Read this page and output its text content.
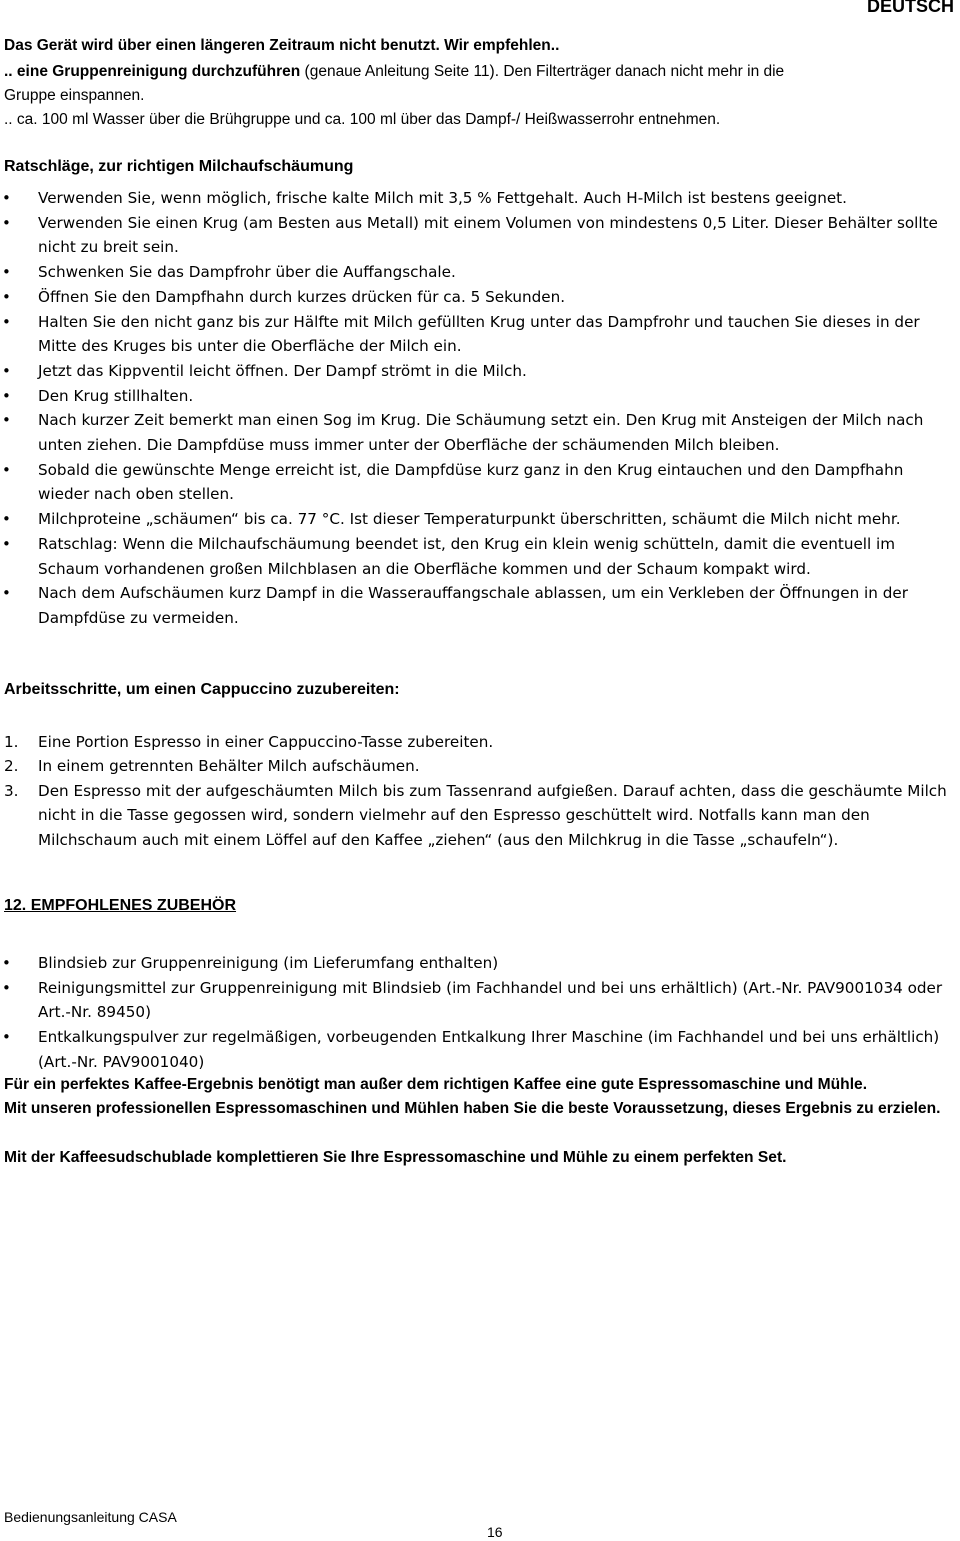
DEUTSCH
Das Gerät wird über einen längeren Zeitraum nicht benutzt. Wir empfehlen..
.. eine Gruppenreinigung durchzuführen (genaue Anleitung Seite 11). Den Filterträger danach nicht mehr in die
Gruppe einspannen.
.. ca. 100 ml Wasser über die Brühgruppe und ca. 100 ml über das Dampf-/ Heißwasserrohr entnehmen.
Ratschläge, zur richtigen Milchaufschäumung
• Verwenden Sie, wenn möglich, frische kalte Milch mit 3,5 % Fettgehalt. Auch H-Milch ist bestens geeignet.
• Verwenden Sie einen Krug (am Besten aus Metall) mit einem Volumen von mindestens 0,5 Liter. Dieser Behälter sollte nicht zu breit sein.
• Schwenken Sie das Dampfrohr über die Auffangschale.
• Öffnen Sie den Dampfhahn durch kurzes drücken für ca. 5 Sekunden.
• Halten Sie den nicht ganz bis zur Hälfte mit Milch gefüllten Krug unter das Dampfrohr und tauchen Sie dieses in der Mitte des Kruges bis unter die Oberfläche der Milch ein.
• Jetzt das Kippventil leicht öffnen. Der Dampf strömt in die Milch.
• Den Krug stillhalten.
• Nach kurzer Zeit bemerkt man einen Sog im Krug. Die Schäumung setzt ein. Den Krug mit Ansteigen der Milch nach unten ziehen. Die Dampfdüse muss immer unter der Oberfläche der schäumenden Milch bleiben.
• Sobald die gewünschte Menge erreicht ist, die Dampfdüse kurz ganz in den Krug eintauchen und den Dampfhahn wieder nach oben stellen.
• Milchproteine „schäumen“ bis ca. 77 °C. Ist dieser Temperaturpunkt überschritten, schäumt die Milch nicht mehr.
• Ratschlag: Wenn die Milchaufschäumung beendet ist, den Krug ein klein wenig schütteln, damit die eventuell im Schaum vorhandenen großen Milchblasen an die Oberfläche kommen und der Schaum kompakt wird.
• Nach dem Aufschäumen kurz Dampf in die Wasserauffangschale ablassen, um ein Verkleben der Öffnungen in der Dampfdüse zu vermeiden.
Arbeitsschritte, um einen Cappuccino zuzubereiten:
1. Eine Portion Espresso in einer Cappuccino-Tasse zubereiten.
2. In einem getrennten Behälter Milch aufschäumen.
3. Den Espresso mit der aufgeschäumten Milch bis zum Tassenrand aufgießen. Darauf achten, dass die geschäumte Milch nicht in die Tasse gegossen wird, sondern vielmehr auf den Espresso geschüttelt wird. Notfalls kann man den Milchschaum auch mit einem Löffel auf den Kaffee „ziehen“ (aus den Milchkrug in die Tasse „schaufeln“).
12. EMPFOHLENES ZUBEHÖR
• Blindsieb zur Gruppenreinigung (im Lieferumfang enthalten)
• Reinigungsmittel zur Gruppenreinigung mit Blindsieb (im Fachhandel und bei uns erhältlich) (Art.-Nr. PAV9001034 oder Art.-Nr. 89450)
• Entkalkungspulver zur regelmäßigen, vorbeugenden Entkalkung Ihrer Maschine (im Fachhandel und bei uns erhältlich) (Art.-Nr. PAV9001040)
Für ein perfektes Kaffee-Ergebnis benötigt man außer dem richtigen Kaffee eine gute Espressomaschine und Mühle.
Mit unseren professionellen Espressomaschinen und Mühlen haben Sie die beste Voraussetzung, dieses Ergebnis zu erzielen.
Mit der Kaffeesudschublade komplettieren Sie Ihre Espressomaschine und Mühle zu einem perfekten Set.
Bedienungsanleitung CASA
16
